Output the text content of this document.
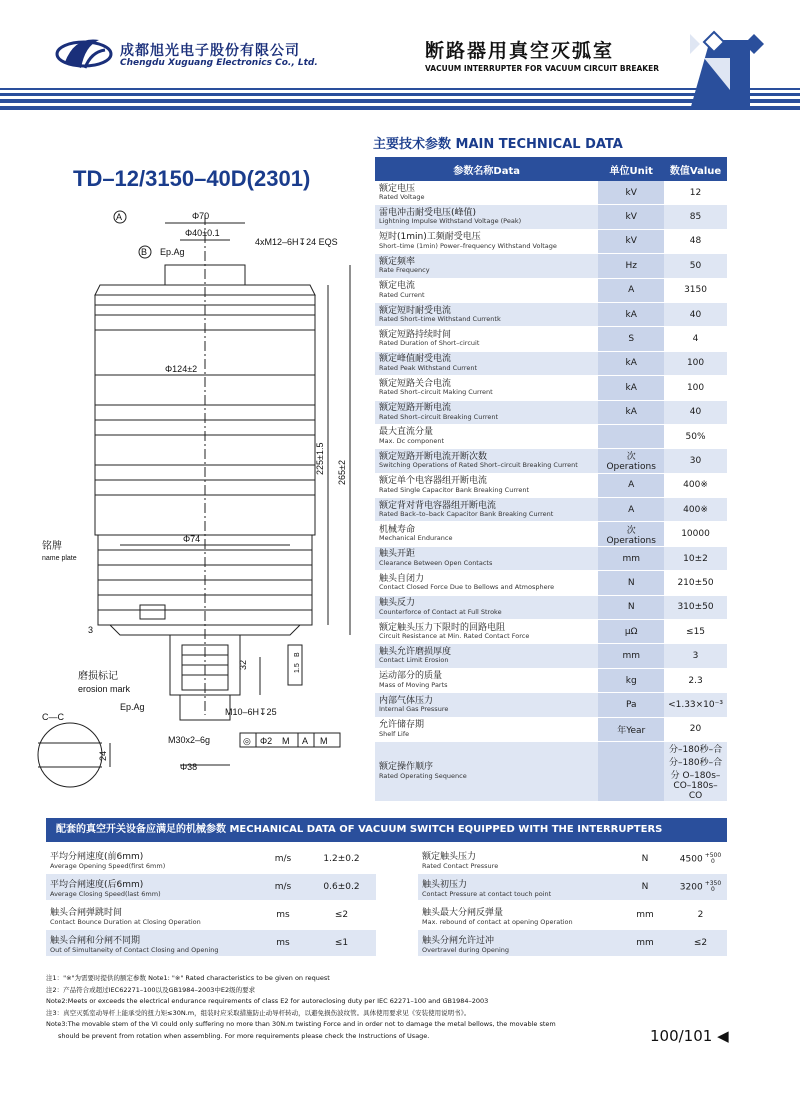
成都旭光电子股份有限公司
Chengdu Xuguang Electronics Co., Ltd.
断路器用真空灭弧室
VACUUM INTERRUPTER FOR VACUUM CIRCUIT BREAKER
主要技术参数 MAIN TECHNICAL DATA
TD–12/3150–40D(2301)
A
B
Φ70
Φ40±0.1
Ep.Ag
4xM12–6H↧24 EQS
Φ124±2
225±1.5 265±2
Φ74
铭牌
name plate
3
磨损标记
erosion mark
32	1.5
B
C—C
Ep.Ag	M10–6H↧25
M30x2–6g
24
Φ38
◎ Φ2 M A M
参数名称Data	单位Unit	数值Value

额定电压
Rated Voltage	kV	12

雷电冲击耐受电压(峰值)
Lightning Impulse Withstand Voltage (Peak)	kV	85

短时(1min)工频耐受电压
Short–time (1min) Power–frequency Withstand Voltage	kV	48

额定频率
Rate Frequency	Hz	50

额定电流
Rated Current	A	3150

额定短时耐受电流
Rated Short–time Withstand Currentk	kA	40

额定短路持续时间
Rated Duration of Short–circuit	S	4

额定峰值耐受电流
Rated Peak Withstand Current	kA	100

额定短路关合电流
Rated Short–circuit Making Current	kA	100

额定短路开断电流
Rated Short–circuit Breaking Current	kA	40

最大直流分量
Max. Dc component		50%

额定短路开断电流开断次数
Switching Operations of Rated Short–circuit Breaking Current	次 Operations	30

额定单个电容器组开断电流
Rated Single Capacitor Bank Breaking Current	A	400※

额定背对背电容器组开断电流
Rated Back–to–back Capacitor Bank Breaking Current	A	400※

机械寿命
Mechanical Endurance	次 Operations	10000

触头开距
Clearance Between Open Contacts	mm	10±2

触头自闭力
Contact Closed Force Due to Bellows and Atmosphere	N	210±50

触头反力
Counterforce of Contact at Full Stroke	N	310±50

额定触头压力下限时的回路电阻
Circuit Resistance at Min. Rated Contact Force	μΩ	≤15

触头允许磨损厚度
Contact Limit Erosion	mm	3

运动部分的质量
Mass of Moving Parts	kg	2.3

内部气体压力
Internal Gas Pressure	Pa	<1.33×10⁻³

允许储存期
Shelf Life	年Year	20

额定操作顺序
Rated Operating Sequence		分–180秒–合分–180秒–合分 O–180s–CO–180s–CO
配套的真空开关设备应满足的机械参数 MECHANICAL DATA OF VACUUM SWITCH EQUIPPED WITH THE INTERRUPTERS
平均分闸速度(前6mm)
Average Opening Speed(first 6mm)	m/s	1.2±0.2

平均合闸速度(后6mm)
Average Closing Speed(last 6mm)	m/s	0.6±0.2

触头合闸弹跳时间
Contact Bounce Duration at Closing Operation	ms	≤2

触头合闸和分闸不同期
Out of Simultaneity of Contact Closing and Opening	ms	≤1
额定触头压力
Rated Contact Pressure	N	4500 +500
0

触头初压力
Contact Pressure at contact touch point	N	3200 +350
0

触头最大分闸反弹量
Max. rebound of contact at opening Operation	mm	2

触头分闸允许过冲
Overtravel during Opening	mm	≤2
注1："※"为需要时提供的额定参数 Note1: "※" Rated characteristics to be given on request
注2：产品符合或超过IEC62271–100以及GB1984–2003中E2级的要求
Note2:Meets or exceeds the electrical endurance requirements of class E2 for autoreclosing duty per IEC 62271–100 and GB1984–2003
注3：真空灭弧室动导杆上能承受的扭力矩≤30N.m，组装时应采取措施防止动导杆转动，以避免损伤波纹管。具体使用要求见《安装使用说明书》。
Note3:The movable stem of the VI could only suffering no more than 30N.m twisting Force and in order not to damage the metal bellows, the movable stem
should be prevent from rotation when assembling. For more requirements please check the Instructions of Usage.	100/101 ◀
